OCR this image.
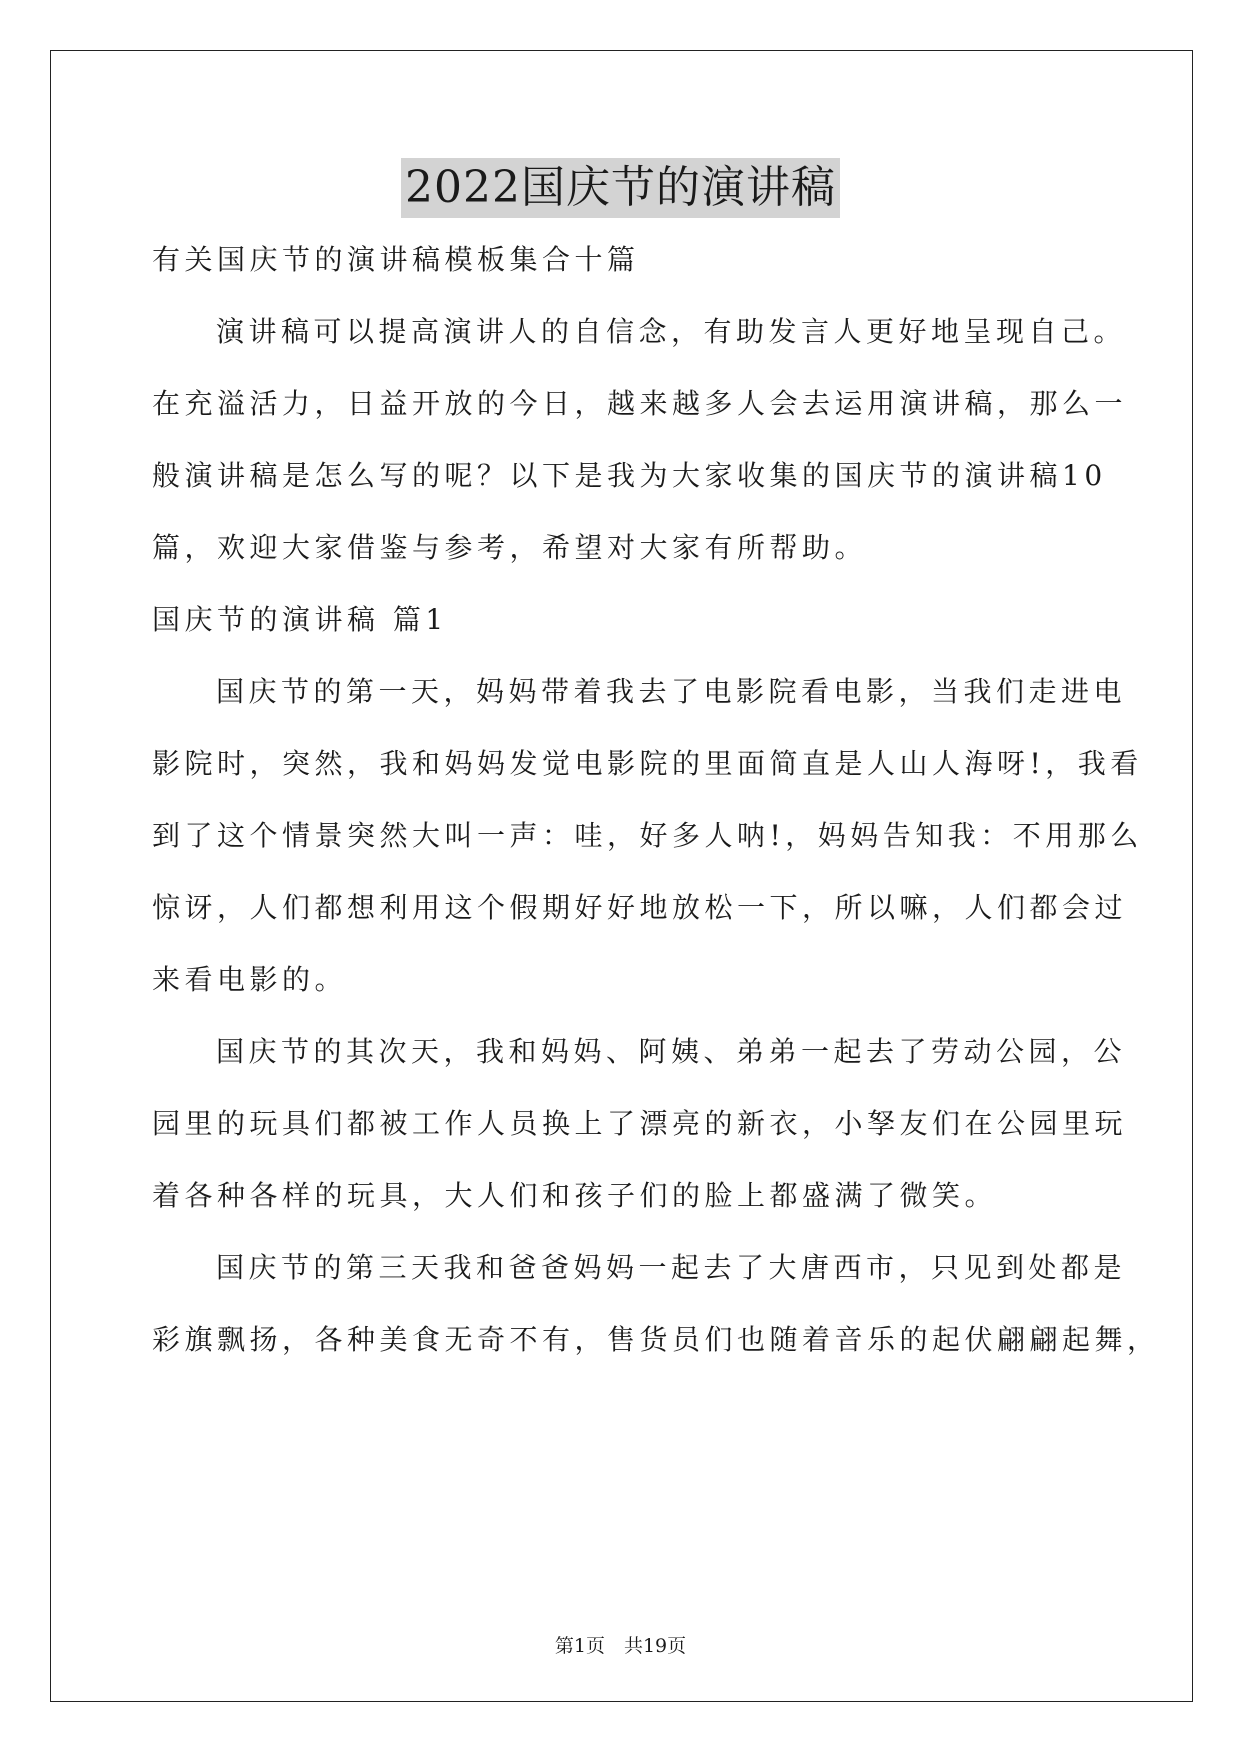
2022国庆节的演讲稿
有关国庆节的演讲稿模板集合十篇
演讲稿可以提高演讲人的自信念，有助发言人更好地呈现自己。
在充溢活力，日益开放的今日，越来越多人会去运用演讲稿，那么一
般演讲稿是怎么写的呢？以下是我为大家收集的国庆节的演讲稿10
篇，欢迎大家借鉴与参考，希望对大家有所帮助。
国庆节的演讲稿 篇1
国庆节的第一天，妈妈带着我去了电影院看电影，当我们走进电
影院时，突然，我和妈妈发觉电影院的里面简直是人山人海呀!，我看
到了这个情景突然大叫一声：哇，好多人呐!，妈妈告知我：不用那么
惊讶，人们都想利用这个假期好好地放松一下，所以嘛，人们都会过
来看电影的。
国庆节的其次天，我和妈妈、阿姨、弟弟一起去了劳动公园，公
园里的玩具们都被工作人员换上了漂亮的新衣，小孥友们在公园里玩
着各种各样的玩具，大人们和孩子们的脸上都盛满了微笑。
国庆节的第三天我和爸爸妈妈一起去了大唐西市，只见到处都是
彩旗飘扬，各种美食无奇不有，售货员们也随着音乐的起伏翩翩起舞，
第1页　共19页
